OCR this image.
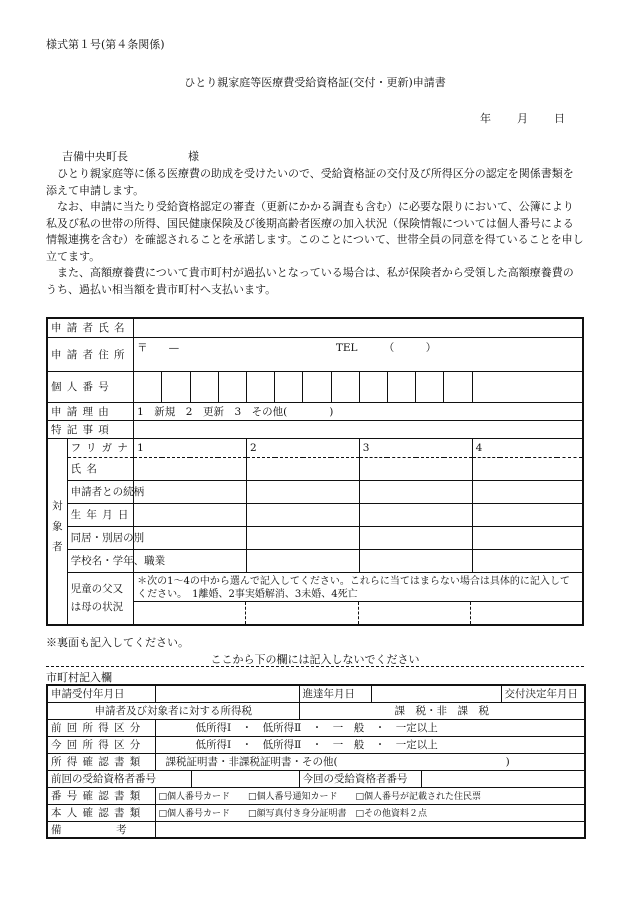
様式第１号(第４条関係)
ひとり親家庭等医療費受給資格証(交付・更新)申請書
年 月 日
吉備中央町長	様

ひとり親家庭等に係る医療費の助成を受けたいので、受給資格証の交付及び所得区分の認定を関係書類を添えて申請します。

なお、申請に当たり受給資格認定の審査（更新にかかる調査も含む）に必要な限りにおいて、公簿により私及び私の世帯の所得、国民健康保険及び後期高齢者医療の加入状況（保険情報については個人番号による情報連携を含む）を確認されることを承諾します。このことについて、世帯全員の同意を得ていることを申し立てます。

また、高額療養費について貴市町村が過払いとなっている場合は、私が保険者から受領した高額療養費のうち、過払い相当額を貴市町村へ支払います。

申請者氏名														
申請者住所		〒　　— TEL　　　（　　　）												
個人番号														
申請理由		1　新規　2　更新　3　その他(　　　　)												
特記事項														
対象者	フリガナ	1				2				3				4
	氏名													
	申請者との続柄													
	生年月日													
	同居・別居の別													
	学校名・学年、職業													
	児童の父又は母の状況	＊次の1〜4の中から選んで記入してください。これらに当てはまらない場合は具体的に記入してください。　1離婚、2事実婚解消、3未婚、4死亡												
※裏面も記入してください。
ここから下の欄には記入しないでください
市町村記入欄
申請受付年月日			進達年月日			交付決定年月日
申請者及び対象者に対する所得税			課　税・非　課　税			
前回所得区分	低所得Ⅰ　・　低所得Ⅱ　・　一　般　・　一定以上					
今回所得区分	低所得Ⅰ　・　低所得Ⅱ　・　一　般　・　一定以上					
所得確認書類	課税証明書・非課税証明書・その他(　　　　　　　　　　　　　　　　)					
前回の受給資格者番号			今回の受給資格者番号			
番号確認書類	□個人番号カード　　□個人番号通知カード　　□個人番号が記載された住民票					
本人確認書類	□個人番号カード　　□顔写真付き身分証明書　□その他資料２点					
備考						
